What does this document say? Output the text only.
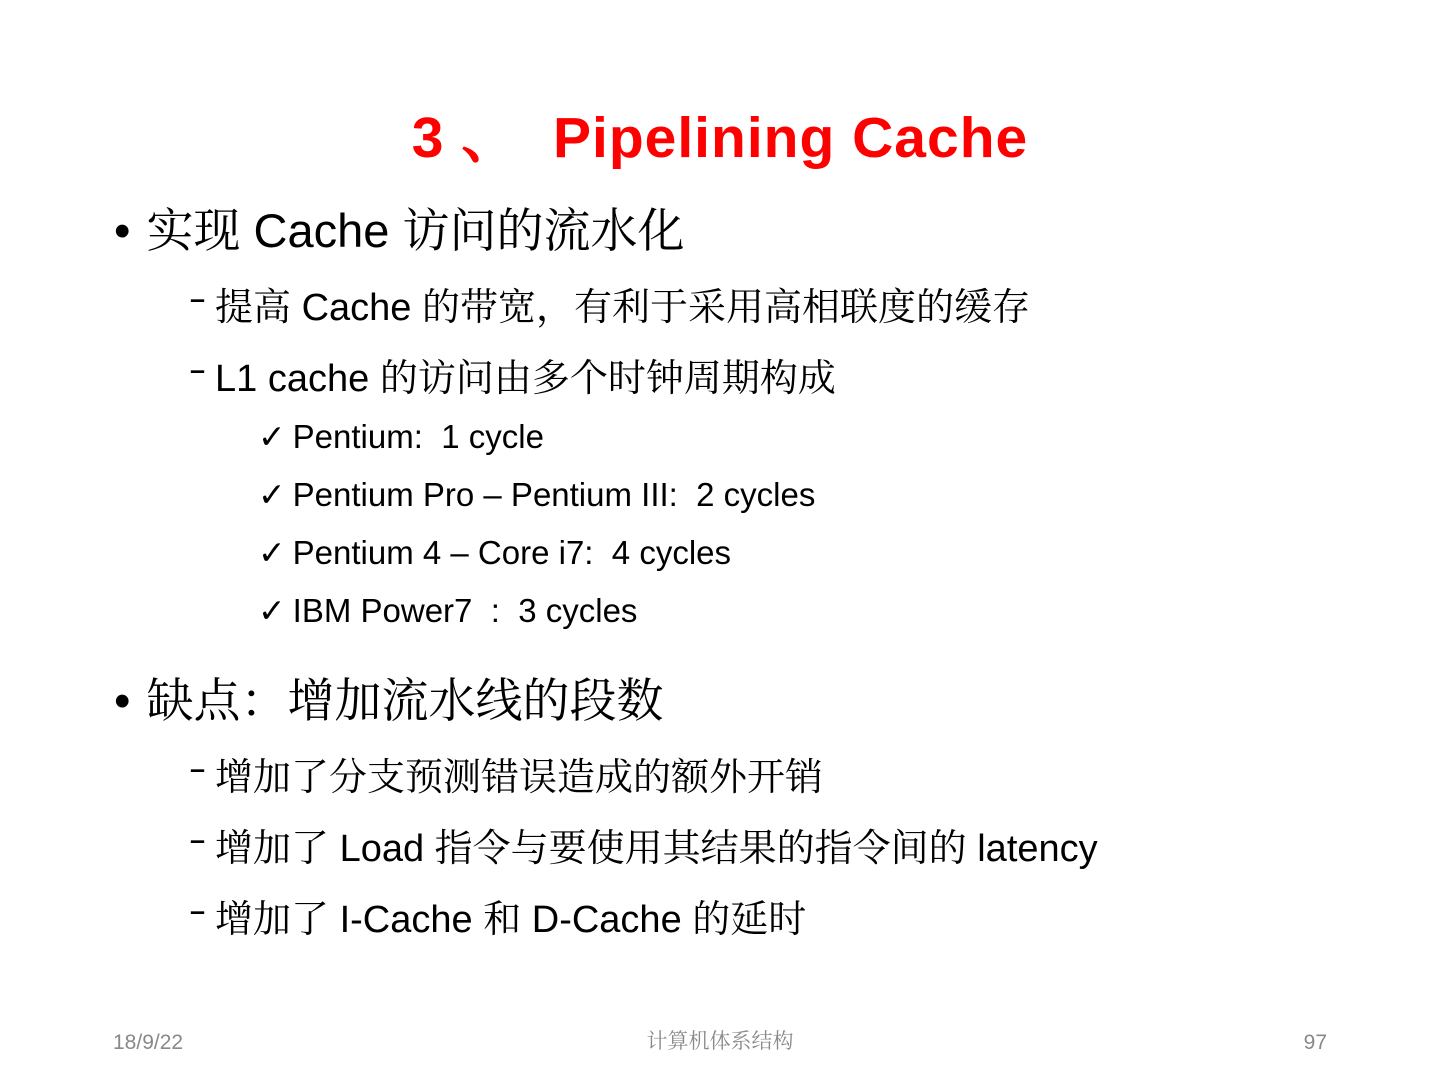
3 、  Pipelining Cache
• 实现 Cache 访问的流水化
– 提高 Cache 的带宽，有利于采用高相联度的缓存
– L1 cache 的访问由多个时钟周期构成
✓ Pentium:  1 cycle
✓ Pentium Pro – Pentium III:  2 cycles
✓ Pentium 4 – Core i7:  4 cycles
✓ IBM Power7  :  3 cycles
• 缺点：增加流水线的段数
– 增加了分支预测错误造成的额外开销
– 增加了 Load 指令与要使用其结果的指令间的 latency
– 增加了 I-Cache 和 D-Cache 的延时
18/9/22	计算机体系结构	97
